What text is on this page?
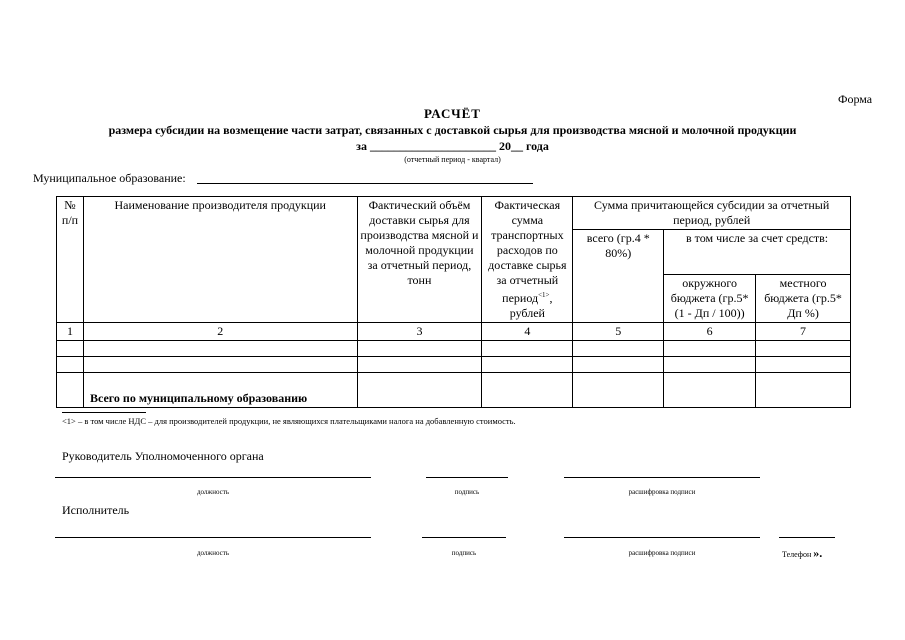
Форма
РАСЧЁТ
размера субсидии на возмещение части затрат, связанных с доставкой сырья для производства мясной и молочной продукции
за _____________________ 20__ года
(отчетный период - квартал)
Муниципальное образование:
№ п/п	Наименование производителя продукции	Фактический объём доставки сырья для производства мясной и молочной продукции за отчетный период, тонн	Фактическая сумма транспортных расходов по доставке сырья за отчетный период$^{<1>}$, рублей	Сумма причитающейся субсидии за отчетный период, рублей		
				всего (гр.4 * 80%)	в том числе за счет средств:	
					окружного бюджета (гр.5*(1 - Дп / 100))	местного бюджета (гр.5* Дп %)
1	2	3	4	5	6	7

	Всего по муниципальному образованию					
<1> – в том числе НДС – для производителей продукции, не являющихся плательщиками налога на добавленную стоимость.
Руководитель Уполномоченного органа
должность	подпись	расшифровка подписи
Исполнитель
должность	подпись	расшифровка подписи	Телефон ».
